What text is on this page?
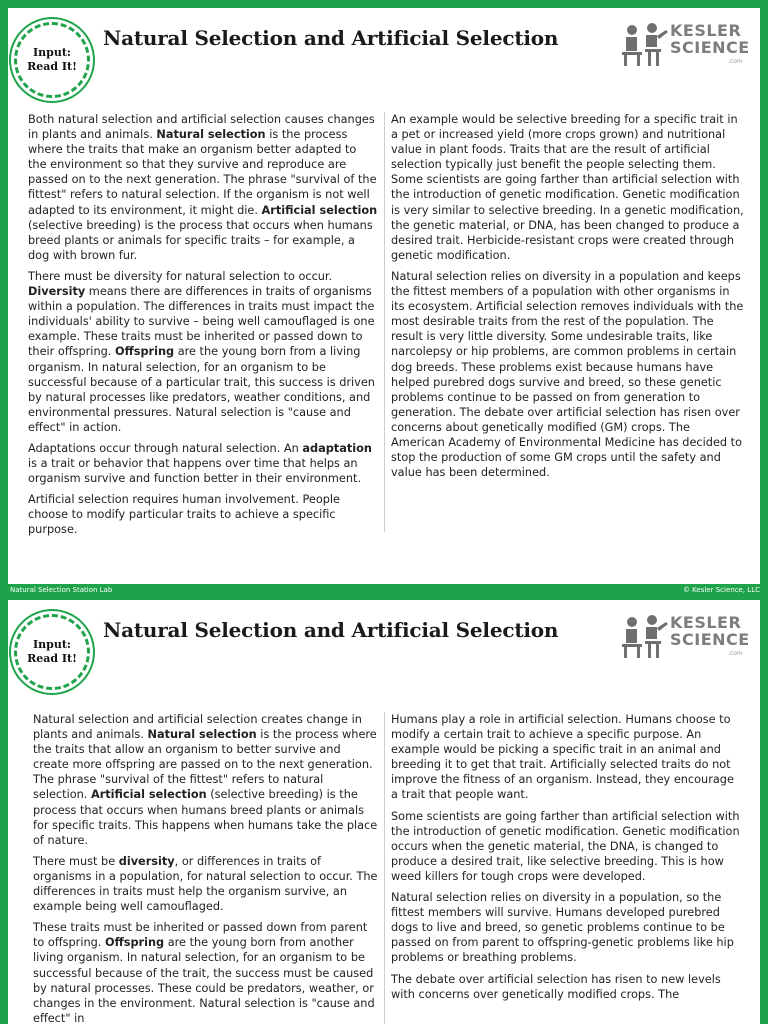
Input:
Read It!
Natural Selection and Artificial Selection	KESLER
SCIENCE
.com

Both natural selection and artificial selection causes changes in plants and animals. Natural selection is the process where the traits that make an organism better adapted to the environment so that they survive and reproduce are passed on to the next generation. The phrase "survival of the fittest" refers to natural selection. If the organism is not well adapted to its environment, it might die. Artificial selection (selective breeding) is the process that occurs when humans breed plants or animals for specific traits – for example, a dog with brown fur.

There must be diversity for natural selection to occur. Diversity means there are differences in traits of organisms within a population. The differences in traits must impact the individuals' ability to survive – being well camouflaged is one example. These traits must be inherited or passed down to their offspring. Offspring are the young born from a living organism. In natural selection, for an organism to be successful because of a particular trait, this success is driven by natural processes like predators, weather conditions, and environmental pressures. Natural selection is "cause and effect" in action.

Adaptations occur through natural selection. An adaptation is a trait or behavior that happens over time that helps an organism survive and function better in their environment.

Artificial selection requires human involvement. People choose to modify particular traits to achieve a specific purpose.

An example would be selective breeding for a specific trait in a pet or increased yield (more crops grown) and nutritional value in plant foods. Traits that are the result of artificial selection typically just benefit the people selecting them. Some scientists are going farther than artificial selection with the introduction of genetic modification. Genetic modification is very similar to selective breeding. In a genetic modification, the genetic material, or DNA, has been changed to produce a desired trait. Herbicide-resistant crops were created through genetic modification.

Natural selection relies on diversity in a population and keeps the fittest members of a population with other organisms in its ecosystem. Artificial selection removes individuals with the most desirable traits from the rest of the population. The result is very little diversity. Some undesirable traits, like narcolepsy or hip problems, are common problems in certain dog breeds. These problems exist because humans have helped purebred dogs survive and breed, so these genetic problems continue to be passed on from generation to generation. The debate over artificial selection has risen over concerns about genetically modified (GM) crops. The American Academy of Environmental Medicine has decided to stop the production of some GM crops until the safety and value has been determined.

Natural Selection Station Lab	© Kesler Science, LLC
Input:
Read It!
Natural Selection and Artificial Selection	KESLER
SCIENCE
.com

Natural selection and artificial selection creates change in plants and animals. Natural selection is the process where the traits that allow an organism to better survive and create more offspring are passed on to the next generation. The phrase "survival of the fittest" refers to natural selection. Artificial selection (selective breeding) is the process that occurs when humans breed plants or animals for specific traits. This happens when humans take the place of nature.

There must be diversity, or differences in traits of organisms in a population, for natural selection to occur. The differences in traits must help the organism survive, an example being well camouflaged.

These traits must be inherited or passed down from parent to offspring. Offspring are the young born from another living organism. In natural selection, for an organism to be successful because of the trait, the success must be caused by natural processes. These could be predators, weather, or changes in the environment. Natural selection is "cause and effect" in

Humans play a role in artificial selection. Humans choose to modify a certain trait to achieve a specific purpose. An example would be picking a specific trait in an animal and breeding it to get that trait. Artificially selected traits do not improve the fitness of an organism. Instead, they encourage a trait that people want.

Some scientists are going farther than artificial selection with the introduction of genetic modification. Genetic modification occurs when the genetic material, the DNA, is changed to produce a desired trait, like selective breeding. This is how weed killers for tough crops were developed.

Natural selection relies on diversity in a population, so the fittest members will survive. Humans developed purebred dogs to live and breed, so genetic problems continue to be passed on from parent to offspring-genetic problems like hip problems or breathing problems.

The debate over artificial selection has risen to new levels with concerns over genetically modified crops. The
